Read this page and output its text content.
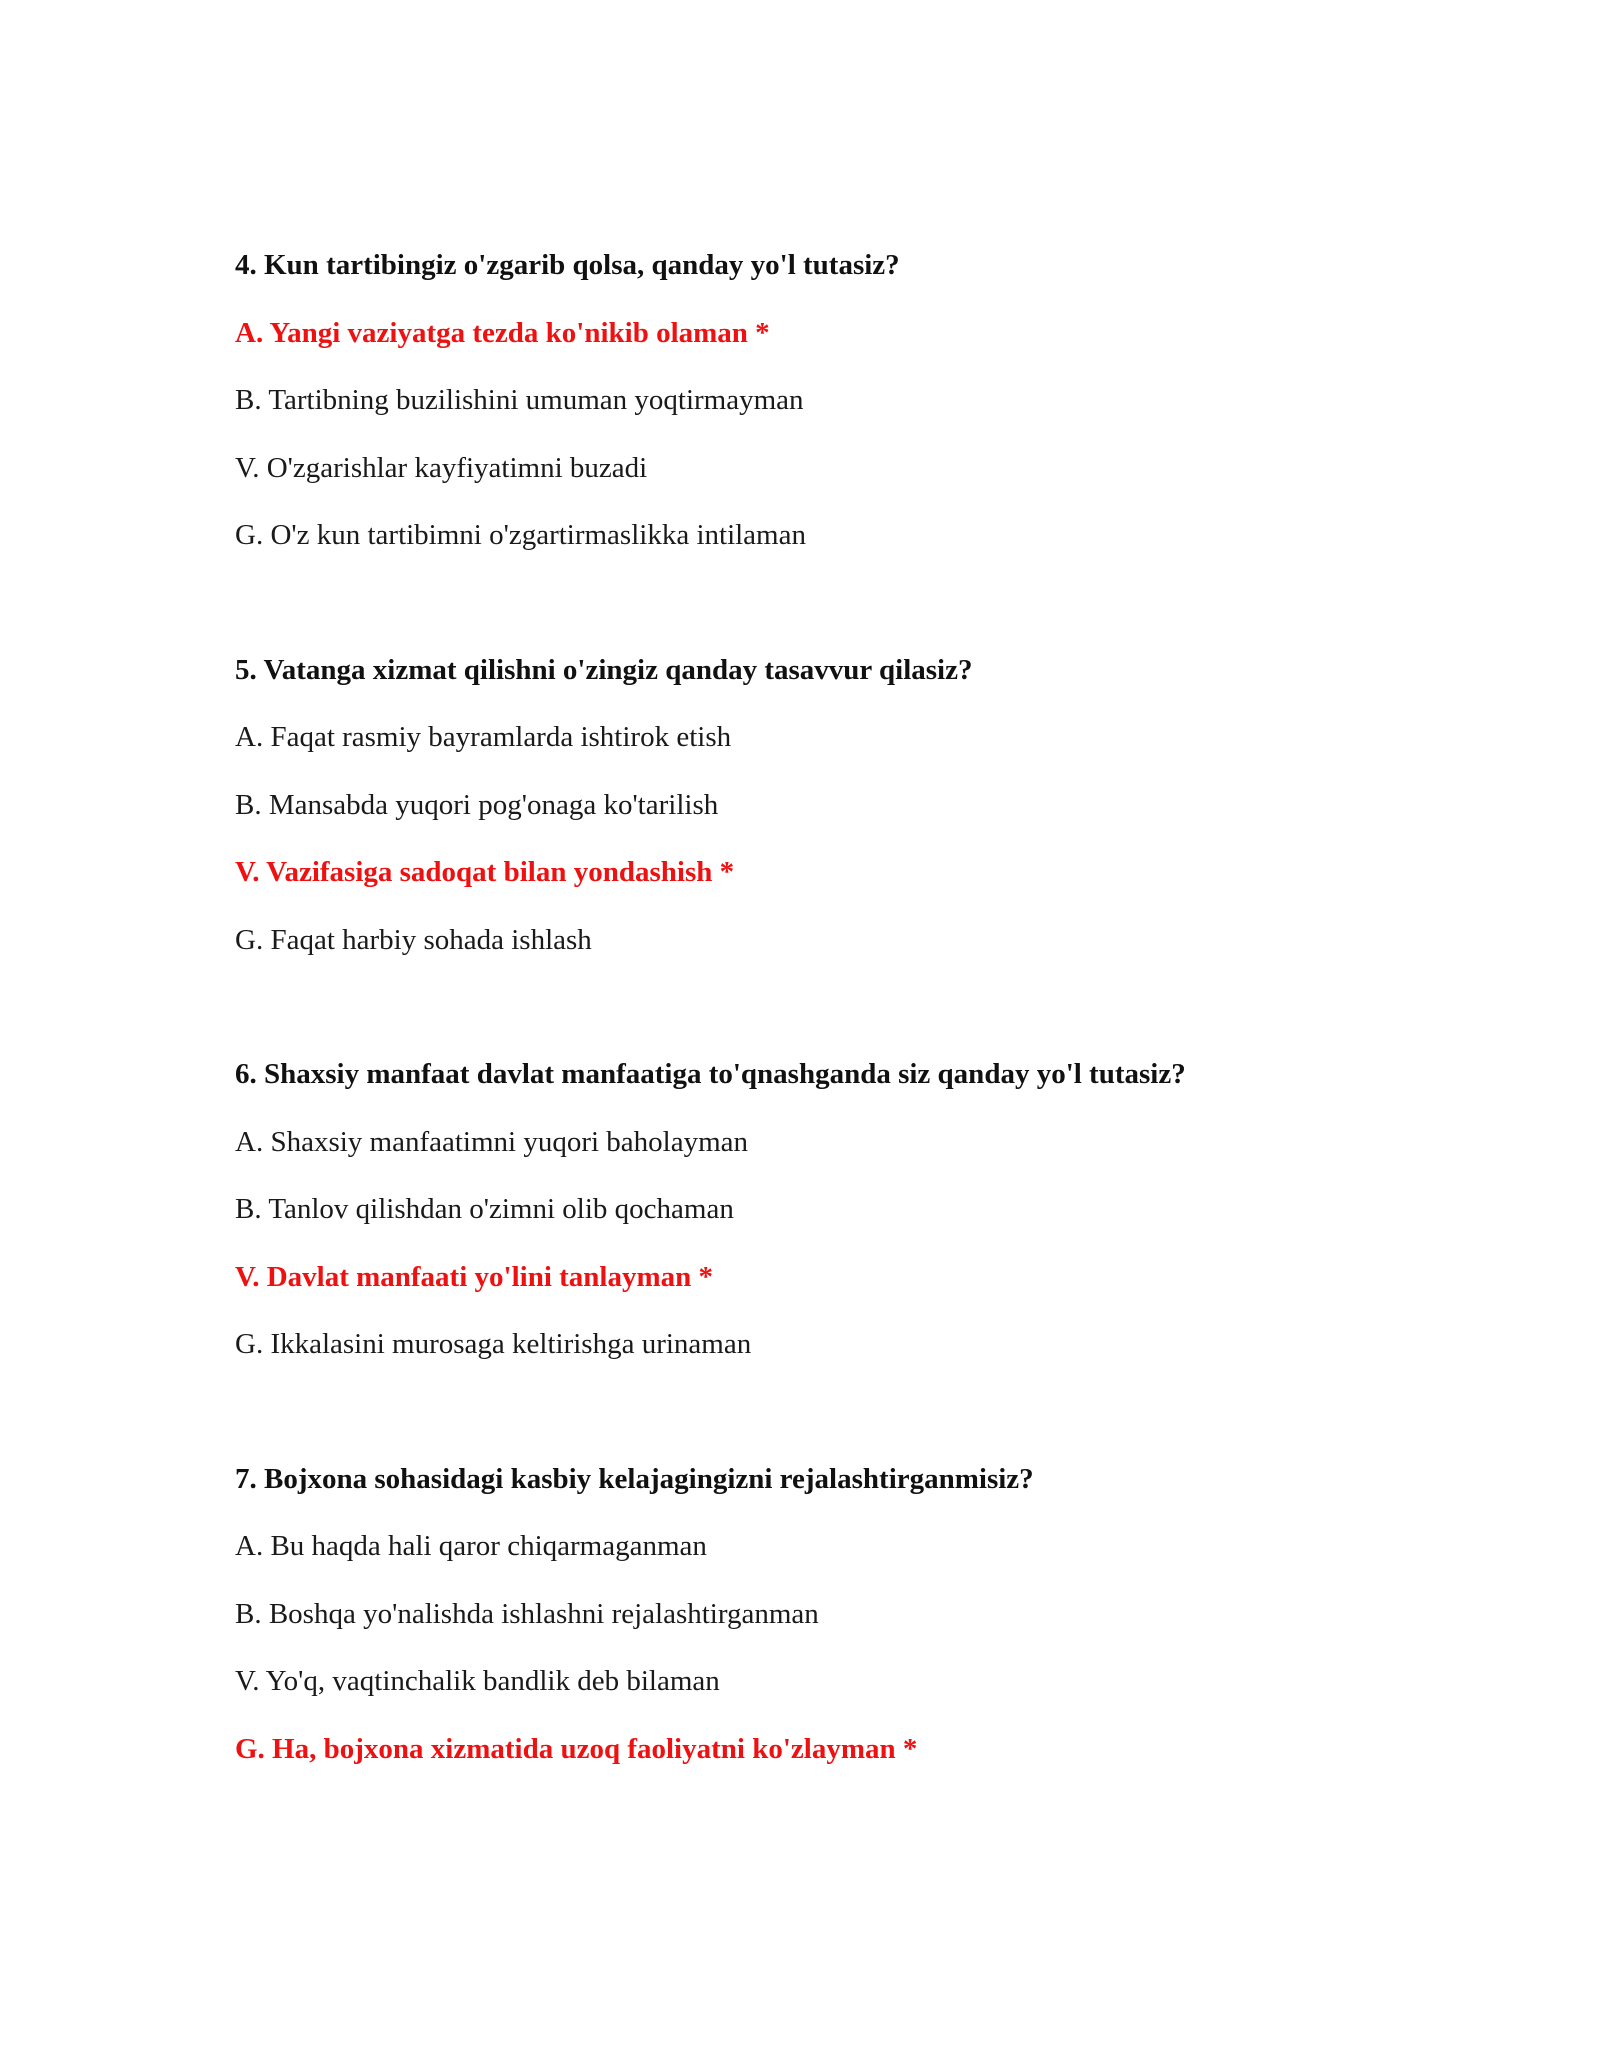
4. Kun tartibingiz o'zgarib qolsa, qanday yo'l tutasiz?

A. Yangi vaziyatga tezda ko'nikib olaman *

B. Tartibning buzilishini umuman yoqtirmayman

V. O'zgarishlar kayfiyatimni buzadi

G. O'z kun tartibimni o'zgartirmaslikka intilaman

5. Vatanga xizmat qilishni o'zingiz qanday tasavvur qilasiz?

A. Faqat rasmiy bayramlarda ishtirok etish

B. Mansabda yuqori pog'onaga ko'tarilish

V. Vazifasiga sadoqat bilan yondashish *

G. Faqat harbiy sohada ishlash

6. Shaxsiy manfaat davlat manfaatiga to'qnashganda siz qanday yo'l tutasiz?

A. Shaxsiy manfaatimni yuqori baholayman

B. Tanlov qilishdan o'zimni olib qochaman

V. Davlat manfaati yo'lini tanlayman *

G. Ikkalasini murosaga keltirishga urinaman

7. Bojxona sohasidagi kasbiy kelajagingizni rejalashtirganmisiz?

A. Bu haqda hali qaror chiqarmaganman

B. Boshqa yo'nalishda ishlashni rejalashtirganman

V. Yo'q, vaqtinchalik bandlik deb bilaman

G. Ha, bojxona xizmatida uzoq faoliyatni ko'zlayman *
